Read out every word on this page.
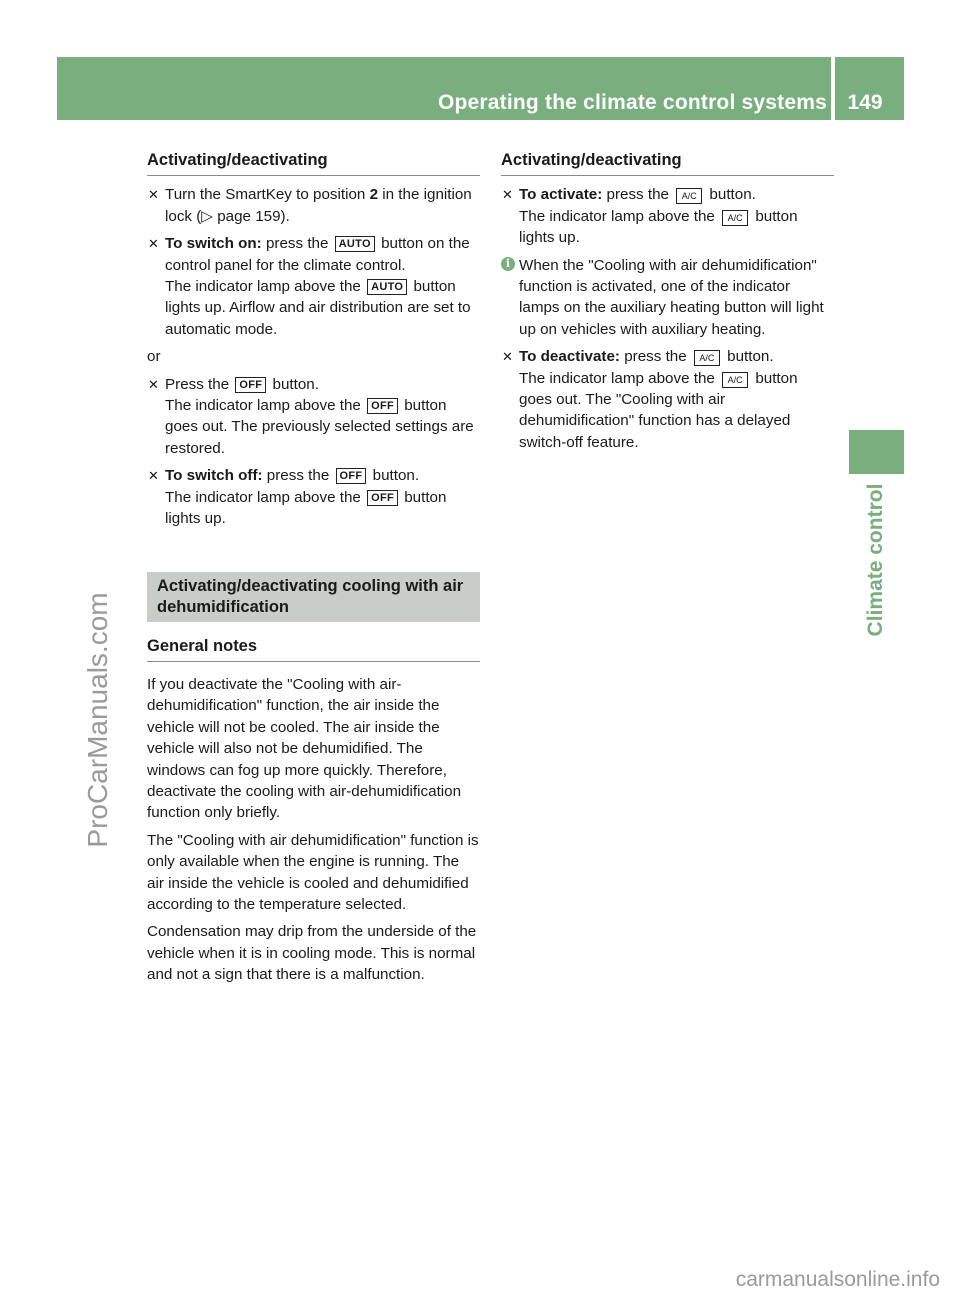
Operating the climate control systems 149
Climate control
ProCarManuals.com
Activating/deactivating
✕ Turn the SmartKey to position 2 in the ignition lock (▷ page 159).
✕ To switch on: press the AUTO button on the control panel for the climate control.
The indicator lamp above the AUTO button lights up. Airflow and air distribution are set to automatic mode.

or

✕ Press the OFF button.
The indicator lamp above the OFF button goes out. The previously selected settings are restored.
✕ To switch off: press the OFF button.
The indicator lamp above the OFF button lights up.
Activating/deactivating cooling with air dehumidification
General notes

If you deactivate the "Cooling with air-dehumidification" function, the air inside the vehicle will not be cooled. The air inside the vehicle will also not be dehumidified. The windows can fog up more quickly. Therefore, deactivate the cooling with air-dehumidification function only briefly.

The "Cooling with air dehumidification" function is only available when the engine is running. The air inside the vehicle is cooled and dehumidified according to the temperature selected.

Condensation may drip from the underside of the vehicle when it is in cooling mode. This is normal and not a sign that there is a malfunction.

Activating/deactivating
✕ To activate: press the A/C button.
The indicator lamp above the A/C button lights up.
i When the "Cooling with air dehumidification" function is activated, one of the indicator lamps on the auxiliary heating button will light up on vehicles with auxiliary heating.
✕ To deactivate: press the A/C button.
The indicator lamp above the A/C button goes out. The "Cooling with air dehumidification" function has a delayed switch-off feature.
carmanualsonline.info
